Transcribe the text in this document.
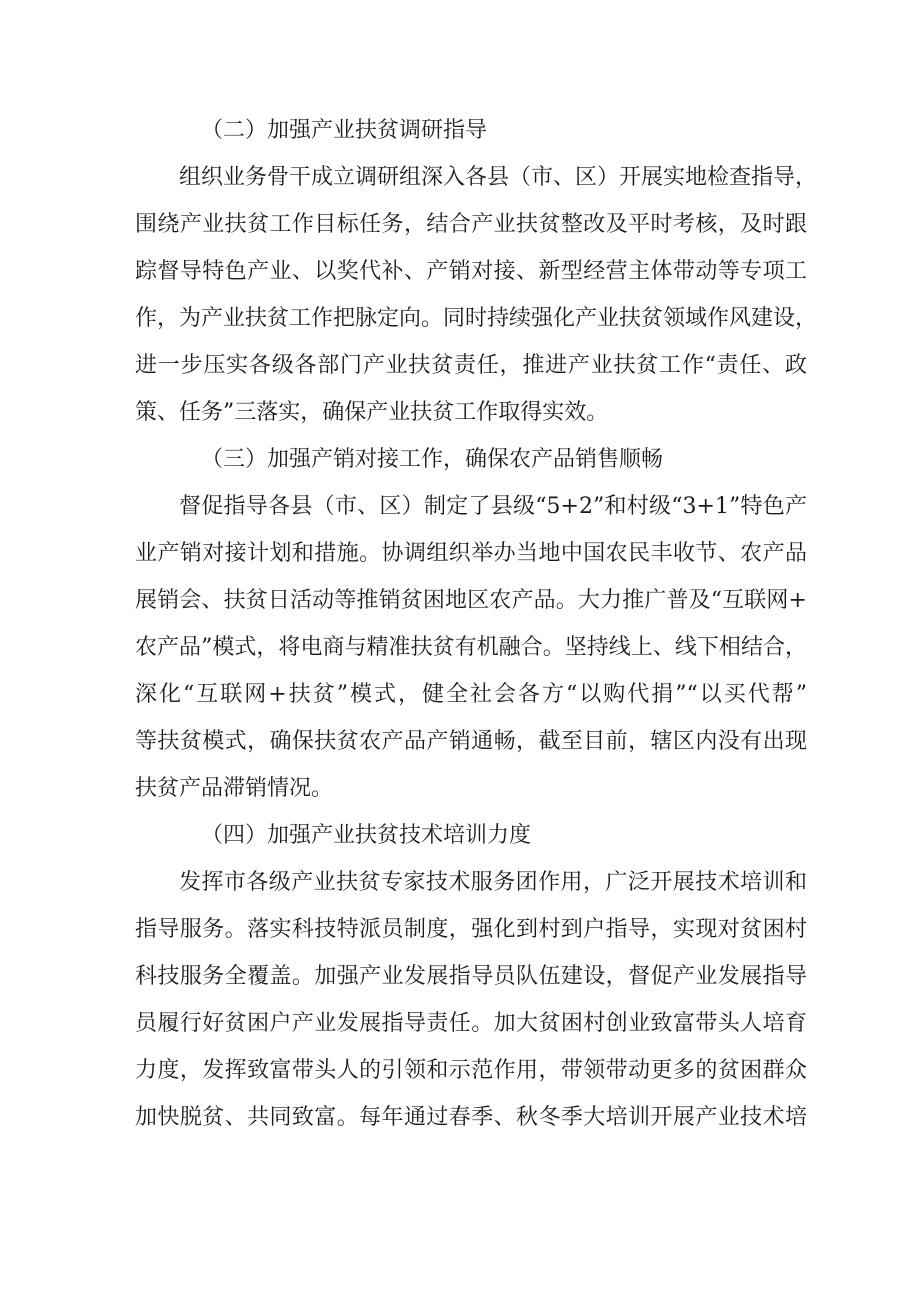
（二）加强产业扶贫调研指导
组织业务骨干成立调研组深入各县（市、区）开展实地检查指导，
围绕产业扶贫工作目标任务，结合产业扶贫整改及平时考核，及时跟
踪督导特色产业、以奖代补、产销对接、新型经营主体带动等专项工
作，为产业扶贫工作把脉定向。同时持续强化产业扶贫领域作风建设，
进一步压实各级各部门产业扶贫责任，推进产业扶贫工作“责任、政
策、任务”三落实，确保产业扶贫工作取得实效。
（三）加强产销对接工作，确保农产品销售顺畅
督促指导各县（市、区）制定了县级“5+2”和村级“3+1”特色产
业产销对接计划和措施。协调组织举办当地中国农民丰收节、农产品
展销会、扶贫日活动等推销贫困地区农产品。大力推广普及“互联网+
农产品”模式，将电商与精准扶贫有机融合。坚持线上、线下相结合，
深化“互联网+扶贫”模式，健全社会各方“以购代捐”“以买代帮”
等扶贫模式，确保扶贫农产品产销通畅，截至目前，辖区内没有出现
扶贫产品滞销情况。
（四）加强产业扶贫技术培训力度
发挥市各级产业扶贫专家技术服务团作用，广泛开展技术培训和
指导服务。落实科技特派员制度，强化到村到户指导，实现对贫困村
科技服务全覆盖。加强产业发展指导员队伍建设，督促产业发展指导
员履行好贫困户产业发展指导责任。加大贫困村创业致富带头人培育
力度，发挥致富带头人的引领和示范作用，带领带动更多的贫困群众
加快脱贫、共同致富。每年通过春季、秋冬季大培训开展产业技术培
